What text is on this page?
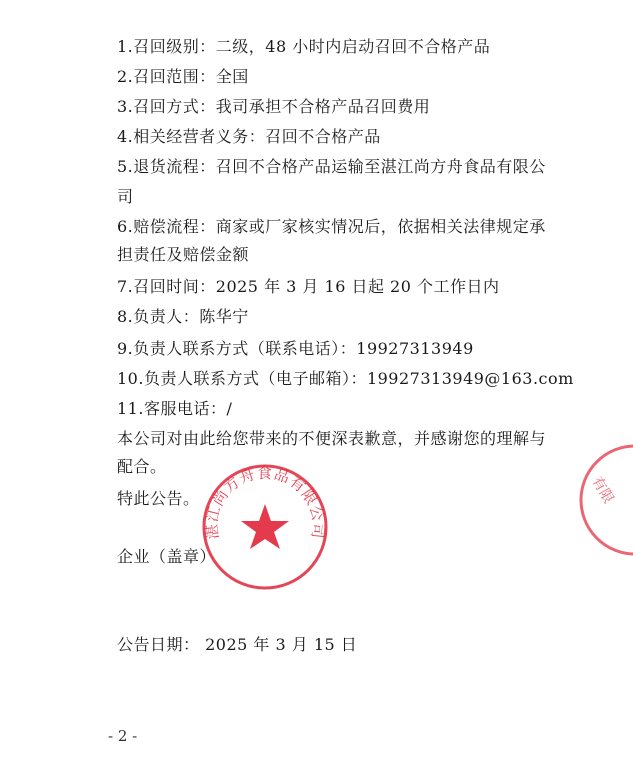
1.召回级别：二级，48 小时内启动召回不合格产品
2.召回范围：全国
3.召回方式：我司承担不合格产品召回费用
4.相关经营者义务：召回不合格产品
5.退货流程：召回不合格产品运输至湛江尚方舟食品有限公
司
6.赔偿流程：商家或厂家核实情况后，依据相关法律规定承
担责任及赔偿金额
7.召回时间：2025 年 3 月 16 日起 20 个工作日内
8.负责人：陈华宁
9.负责人联系方式（联系电话）：19927313949
10.负责人联系方式（电子邮箱）：19927313949@163.com
11.客服电话：/
本公司对由此给您带来的不便深表歉意，并感谢您的理解与
配合。
特此公告。
企业（盖章）
公告日期： 2025 年 3 月 15 日
湛江尚方舟食品有限公司
有限
- 2 -
